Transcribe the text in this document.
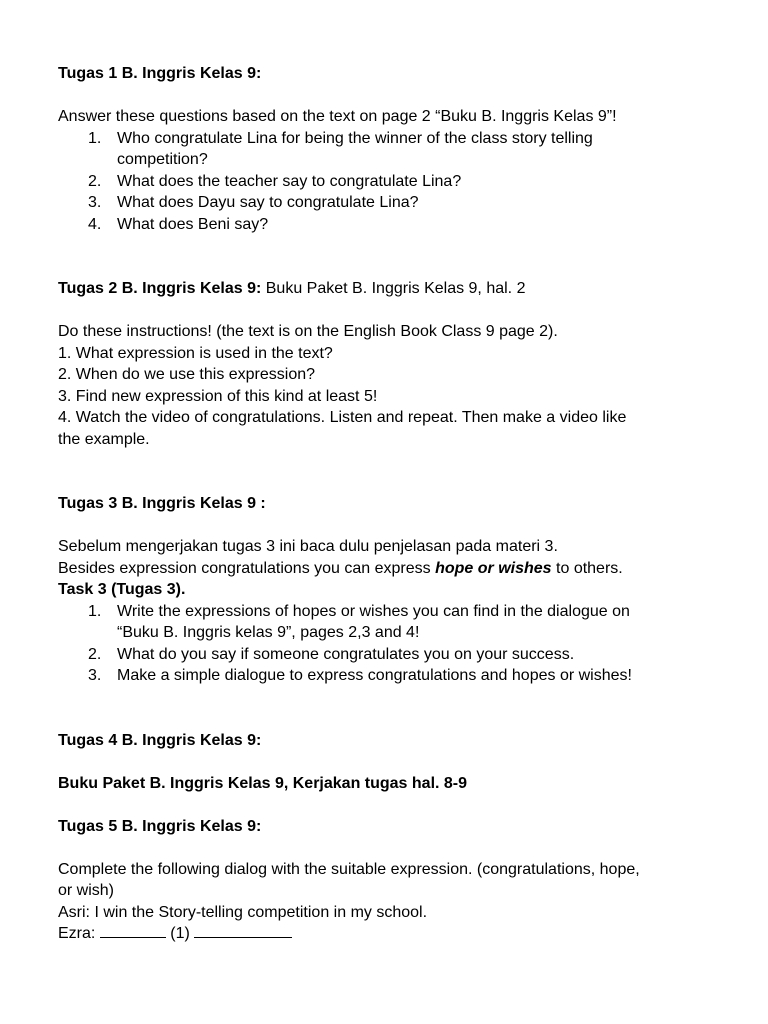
Tugas 1 B. Inggris Kelas 9:

Answer these questions based on the text on page 2 “Buku B. Inggris Kelas 9”!

1. Who congratulate Lina for being the winner of the class story telling
competition?
2. What does the teacher say to congratulate Lina?
3. What does Dayu say to congratulate Lina?
4. What does Beni say?

Tugas 2 B. Inggris Kelas 9: Buku Paket B. Inggris Kelas 9, hal. 2

Do these instructions! (the text is on the English Book Class 9 page 2).

1. What expression is used in the text?

2. When do we use this expression?

3. Find new expression of this kind at least 5!

4. Watch the video of congratulations. Listen and repeat. Then make a video like

the example.

Tugas 3 B. Inggris Kelas 9 :

Sebelum mengerjakan tugas 3 ini baca dulu penjelasan pada materi 3.

Besides expression congratulations you can express hope or wishes to others.

Task 3 (Tugas 3).

1. Write the expressions of hopes or wishes you can find in the dialogue on
“Buku B. Inggris kelas 9”, pages 2,3 and 4!
2. What do you say if someone congratulates you on your success.
3. Make a simple dialogue to express congratulations and hopes or wishes!

Tugas 4 B. Inggris Kelas 9:

Buku Paket B. Inggris Kelas 9, Kerjakan tugas hal. 8-9

Tugas 5 B. Inggris Kelas 9:

Complete the following dialog with the suitable expression. (congratulations, hope,

or wish)

Asri: I win the Story-telling competition in my school.

Ezra:	(1)
